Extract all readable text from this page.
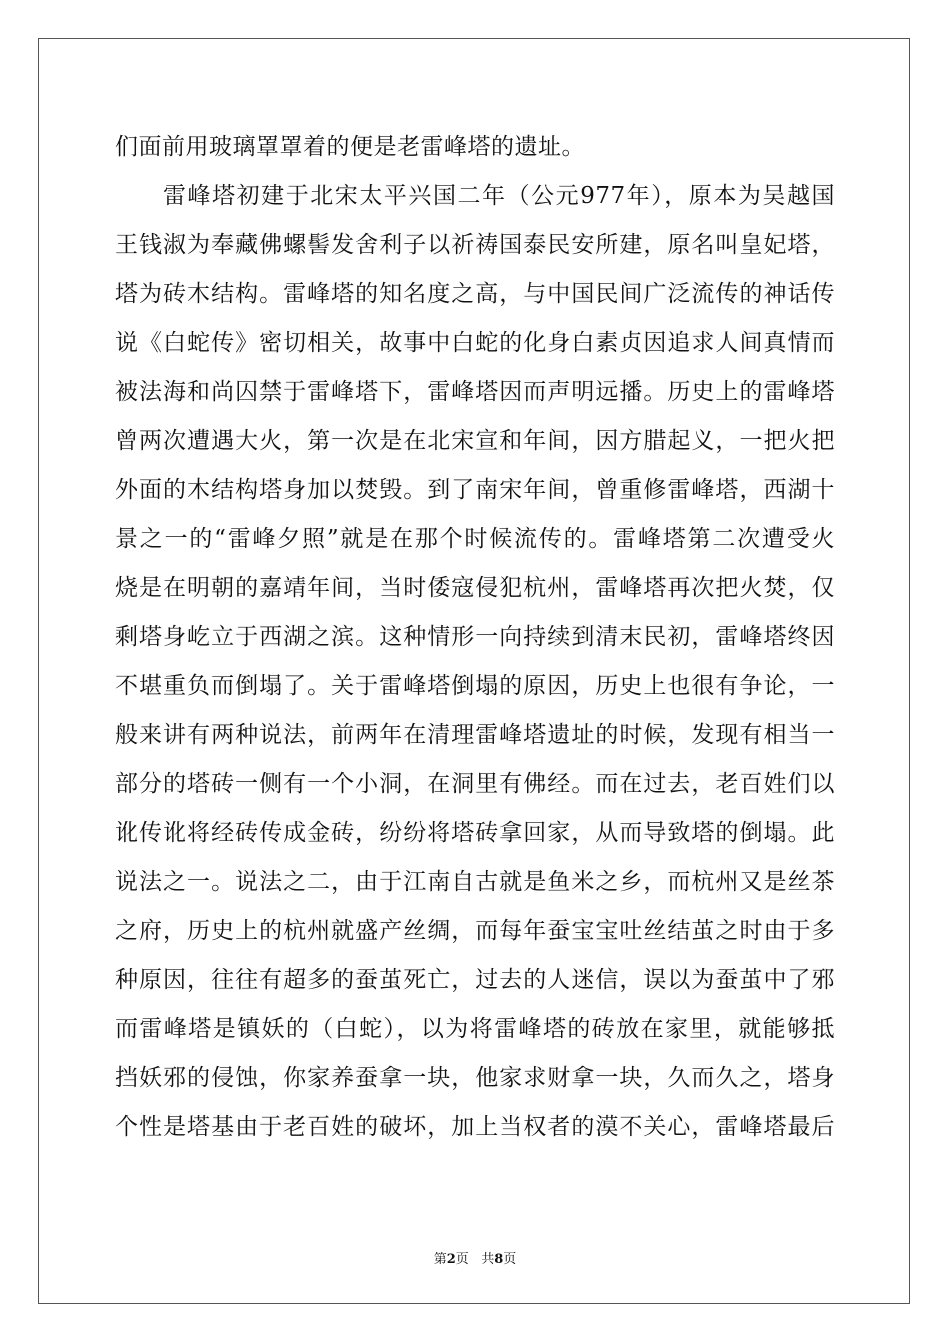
们面前用玻璃罩罩着的便是老雷峰塔的遗址。
雷峰塔初建于北宋太平兴国二年（公元977年），原本为吴越国
王钱淑为奉藏佛螺髻发舍利子以祈祷国泰民安所建，原名叫皇妃塔，
塔为砖木结构。雷峰塔的知名度之高，与中国民间广泛流传的神话传
说《白蛇传》密切相关，故事中白蛇的化身白素贞因追求人间真情而
被法海和尚囚禁于雷峰塔下，雷峰塔因而声明远播。历史上的雷峰塔
曾两次遭遇大火，第一次是在北宋宣和年间，因方腊起义，一把火把
外面的木结构塔身加以焚毁。到了南宋年间，曾重修雷峰塔，西湖十
景之一的“雷峰夕照”就是在那个时候流传的。雷峰塔第二次遭受火
烧是在明朝的嘉靖年间，当时倭寇侵犯杭州，雷峰塔再次把火焚，仅
剩塔身屹立于西湖之滨。这种情形一向持续到清末民初，雷峰塔终因
不堪重负而倒塌了。关于雷峰塔倒塌的原因，历史上也很有争论，一
般来讲有两种说法，前两年在清理雷峰塔遗址的时候，发现有相当一
部分的塔砖一侧有一个小洞，在洞里有佛经。而在过去，老百姓们以
讹传讹将经砖传成金砖，纷纷将塔砖拿回家，从而导致塔的倒塌。此
说法之一。说法之二，由于江南自古就是鱼米之乡，而杭州又是丝茶
之府，历史上的杭州就盛产丝绸，而每年蚕宝宝吐丝结茧之时由于多
种原因，往往有超多的蚕茧死亡，过去的人迷信，误以为蚕茧中了邪
而雷峰塔是镇妖的（白蛇），以为将雷峰塔的砖放在家里，就能够抵
挡妖邪的侵蚀，你家养蚕拿一块，他家求财拿一块，久而久之，塔身
个性是塔基由于老百姓的破坏，加上当权者的漠不关心，雷峰塔最后
第2页 共8页
